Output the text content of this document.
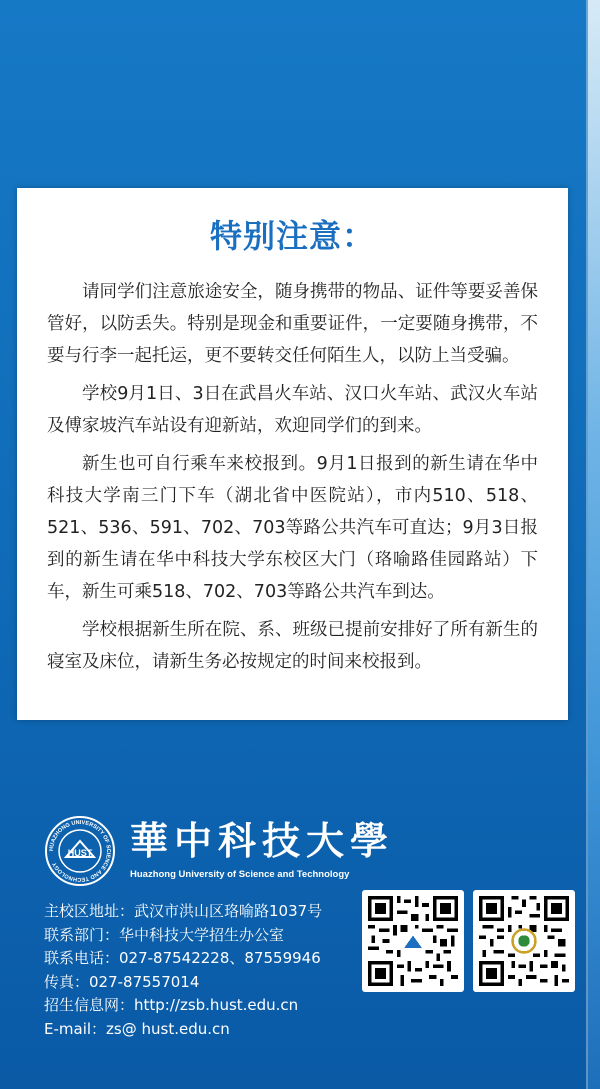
特别注意：

请同学们注意旅途安全，随身携带的物品、证件等要妥善保管好，以防丢失。特别是现金和重要证件，一定要随身携带，不要与行李一起托运，更不要转交任何陌生人，以防上当受骗。

学校9月1日、3日在武昌火车站、汉口火车站、武汉火车站及傅家坡汽车站设有迎新站，欢迎同学们的到来。

新生也可自行乘车来校报到。9月1日报到的新生请在华中科技大学南三门下车（湖北省中医院站），市内510、518、521、536、591、702、703等路公共汽车可直达；9月3日报到的新生请在华中科技大学东校区大门（珞喻路佳园路站）下车，新生可乘518、702、703等路公共汽车到达。

学校根据新生所在院、系、班级已提前安排好了所有新生的寝室及床位，请新生务必按规定的时间来校报到。

HUAZHONG UNIVERSITY OF SCIENCE AND TECHNOLOGY
HUST 華中科技大學
Huazhong University of Science and Technology
主校区地址：武汉市洪山区珞喻路1037号
联系部门：华中科技大学招生办公室
联系电话：027-87542228、87559946
传真：027-87557014
招生信息网：http://zsb.hust.edu.cn
E-mail：zs@ hust.edu.cn
